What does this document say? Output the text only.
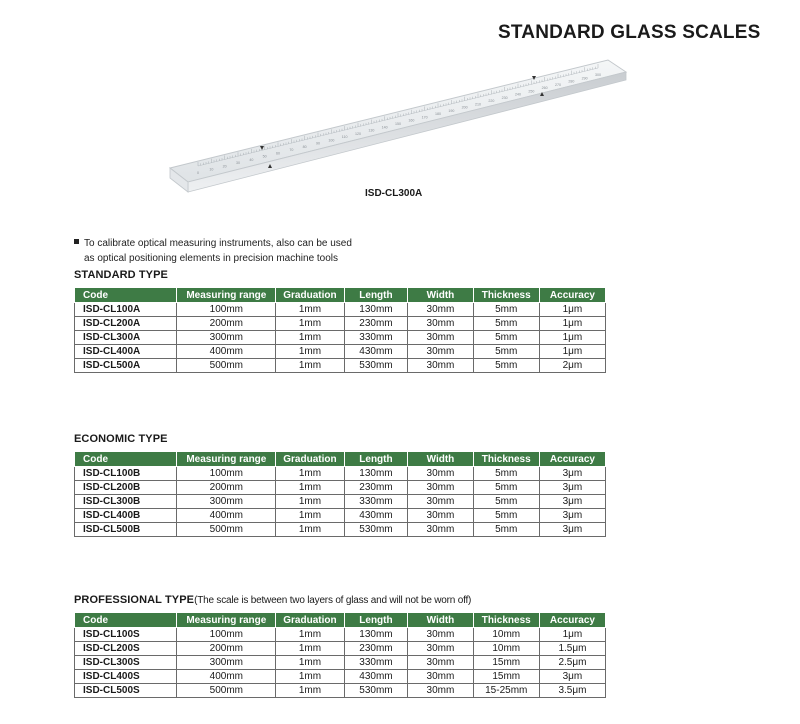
STANDARD GLASS SCALES
0
10
20
30
40
50
60
70
80
90
100
110
120
130
140
150
160
170
180
190
200
210
220
230
240
250
260
270
280
290
300
ISD-CL300A
To calibrate optical measuring instruments, also can be used
as optical positioning elements in precision machine tools
STANDARD TYPE
Code	Measuring range	Graduation	Length	Width	Thickness	Accuracy
ISD-CL100A	100mm	1mm	130mm	30mm	5mm	1μm
ISD-CL200A	200mm	1mm	230mm	30mm	5mm	1μm
ISD-CL300A	300mm	1mm	330mm	30mm	5mm	1μm
ISD-CL400A	400mm	1mm	430mm	30mm	5mm	1μm
ISD-CL500A	500mm	1mm	530mm	30mm	5mm	2μm
ECONOMIC TYPE
Code	Measuring range	Graduation	Length	Width	Thickness	Accuracy
ISD-CL100B	100mm	1mm	130mm	30mm	5mm	3μm
ISD-CL200B	200mm	1mm	230mm	30mm	5mm	3μm
ISD-CL300B	300mm	1mm	330mm	30mm	5mm	3μm
ISD-CL400B	400mm	1mm	430mm	30mm	5mm	3μm
ISD-CL500B	500mm	1mm	530mm	30mm	5mm	3μm
PROFESSIONAL TYPE(The scale is between two layers of glass and will not be worn off)
Code	Measuring range	Graduation	Length	Width	Thickness	Accuracy
ISD-CL100S	100mm	1mm	130mm	30mm	10mm	1μm
ISD-CL200S	200mm	1mm	230mm	30mm	10mm	1.5μm
ISD-CL300S	300mm	1mm	330mm	30mm	15mm	2.5μm
ISD-CL400S	400mm	1mm	430mm	30mm	15mm	3μm
ISD-CL500S	500mm	1mm	530mm	30mm	15-25mm	3.5μm
